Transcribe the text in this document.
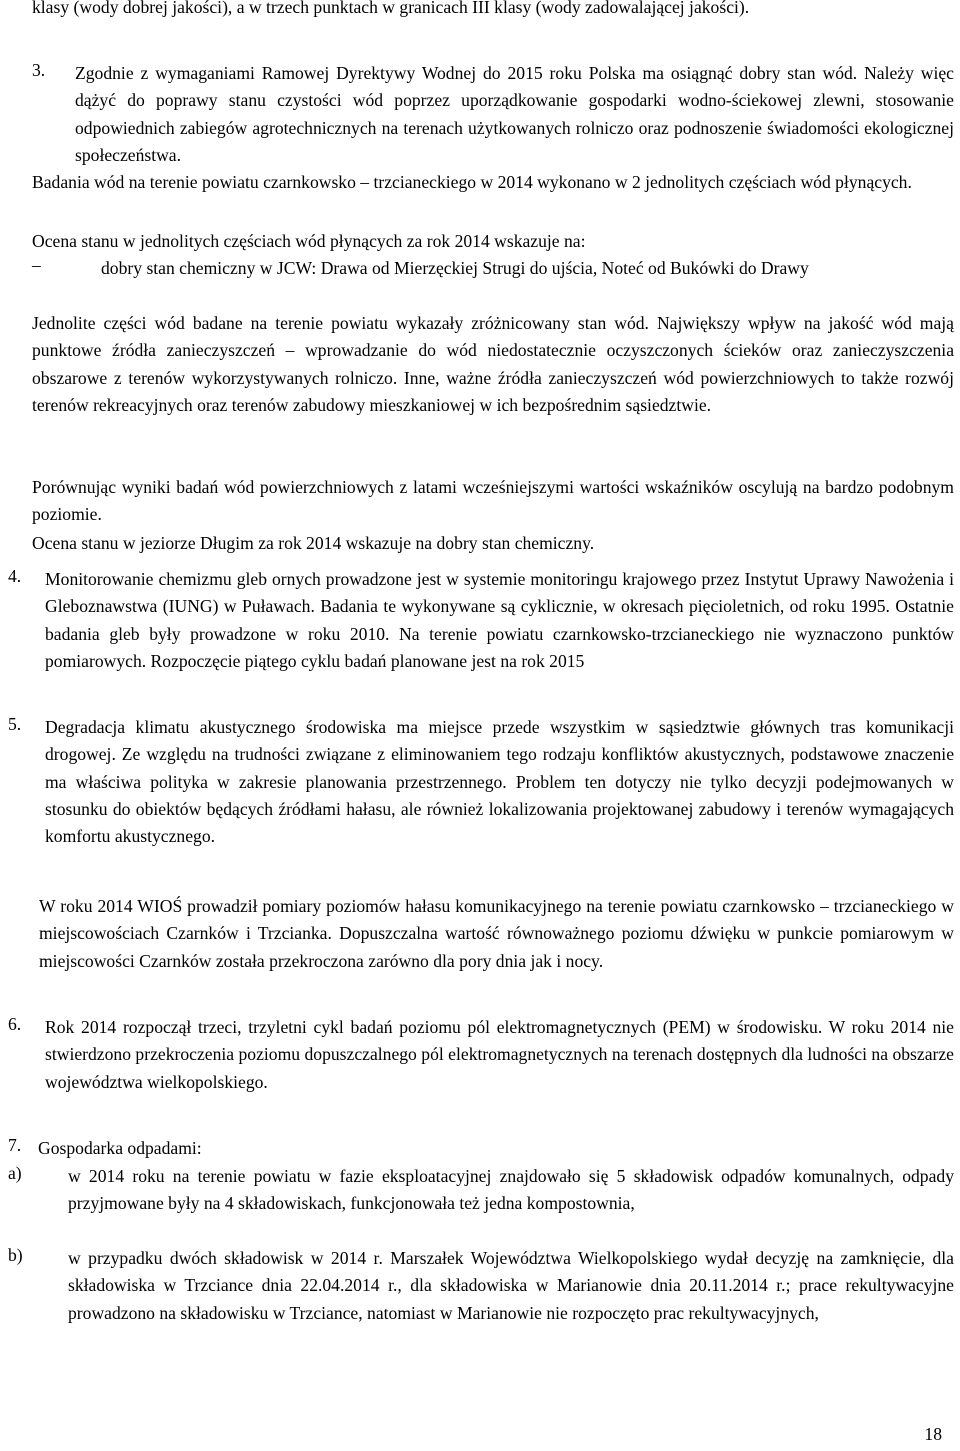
klasy (wody dobrej jakości), a w trzech punktach w granicach III klasy (wody zadowalającej jakości).

3. Zgodnie z wymaganiami Ramowej Dyrektywy Wodnej do 2015 roku Polska ma osiągnąć dobry stan wód. Należy więc dążyć do poprawy stanu czystości wód poprzez uporządkowanie gospodarki wodno-ściekowej zlewni, stosowanie odpowiednich zabiegów agrotechnicznych na terenach użytkowanych rolniczo oraz podnoszenie świadomości ekologicznej społeczeństwa.

Badania wód na terenie powiatu czarnkowsko – trzcianeckiego w 2014 wykonano w 2 jednolitych częściach wód płynących.

Ocena stanu w jednolitych częściach wód płynących za rok 2014 wskazuje na:

–	dobry stan chemiczny w JCW: Drawa od Mierzęckiej Strugi do ujścia, Noteć od Bukówki do Drawy

Jednolite części wód badane na terenie powiatu wykazały zróżnicowany stan wód. Największy wpływ na jakość wód mają punktowe źródła zanieczyszczeń – wprowadzanie do wód niedostatecznie oczyszczonych ścieków oraz zanieczyszczenia obszarowe z terenów wykorzystywanych rolniczo. Inne, ważne źródła zanieczyszczeń wód powierzchniowych to także rozwój terenów rekreacyjnych oraz terenów zabudowy mieszkaniowej w ich bezpośrednim sąsiedztwie.

Porównując wyniki badań wód powierzchniowych z latami wcześniejszymi wartości wskaźników oscylują na bardzo podobnym poziomie.

Ocena stanu w jeziorze Długim za rok 2014 wskazuje na dobry stan chemiczny.

4. Monitorowanie chemizmu gleb ornych prowadzone jest w systemie monitoringu krajowego przez Instytut Uprawy Nawożenia i Gleboznawstwa (IUNG) w Puławach. Badania te wykonywane są cyklicznie, w okresach pięcioletnich, od roku 1995. Ostatnie badania gleb były prowadzone w roku 2010. Na terenie powiatu czarnkowsko-trzcianeckiego nie wyznaczono punktów pomiarowych. Rozpoczęcie piątego cyklu badań planowane jest na rok 2015

5. Degradacja klimatu akustycznego środowiska ma miejsce przede wszystkim w sąsiedztwie głównych tras komunikacji drogowej. Ze względu na trudności związane z eliminowaniem tego rodzaju konfliktów akustycznych, podstawowe znaczenie ma właściwa polityka w zakresie planowania przestrzennego. Problem ten dotyczy nie tylko decyzji podejmowanych w stosunku do obiektów będących źródłami hałasu, ale również lokalizowania projektowanej zabudowy i terenów wymagających komfortu akustycznego.

W roku 2014 WIOŚ prowadził pomiary poziomów hałasu komunikacyjnego na terenie powiatu czarnkowsko – trzcianeckiego w miejscowościach Czarnków i Trzcianka. Dopuszczalna wartość równoważnego poziomu dźwięku w punkcie pomiarowym w miejscowości Czarnków została przekroczona zarówno dla pory dnia jak i nocy.

6. Rok 2014 rozpoczął trzeci, trzyletni cykl badań poziomu pól elektromagnetycznych (PEM) w środowisku. W roku 2014 nie stwierdzono przekroczenia poziomu dopuszczalnego pól elektromagnetycznych na terenach dostępnych dla ludności na obszarze województwa wielkopolskiego.

7. Gospodarka odpadami:

a)	w 2014 roku na terenie powiatu w fazie eksploatacyjnej znajdowało się 5 składowisk odpadów komunalnych, odpady przyjmowane były na 4 składowiskach, funkcjonowała też jedna kompostownia,

b)	w przypadku dwóch składowisk w 2014 r. Marszałek Województwa Wielkopolskiego wydał decyzję na zamknięcie, dla składowiska w Trzciance dnia 22.04.2014 r., dla składowiska w Marianowie dnia 20.11.2014 r.; prace rekultywacyjne prowadzono na składowisku w Trzciance, natomiast w Marianowie nie rozpoczęto prac rekultywacyjnych,

18
